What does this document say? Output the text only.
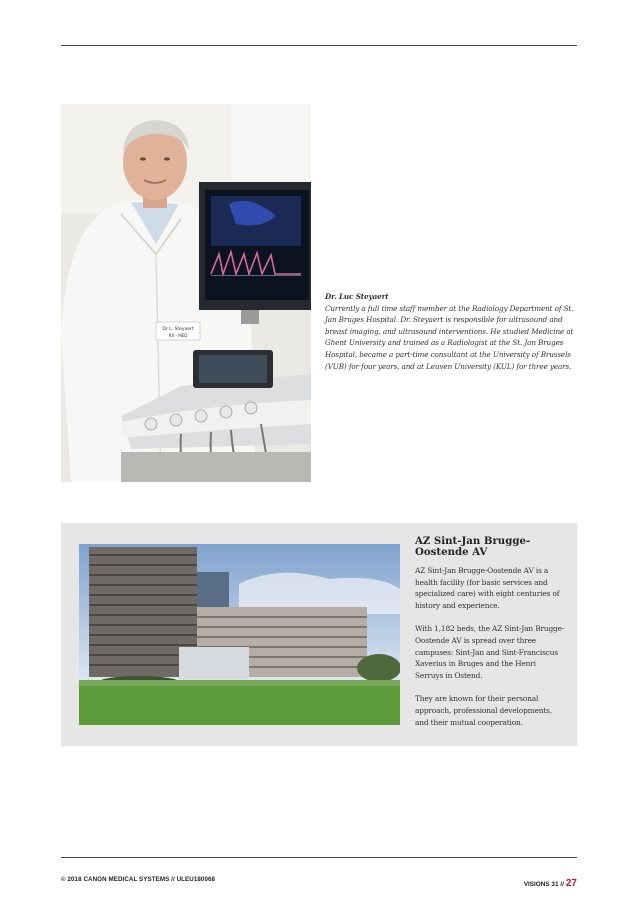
Dr L. Steyaert
RX - MED
Dr. Luc Steyaert
Currently a full time staff member at the Radiology Department of St. Jan Bruges Hospital. Dr. Steyaert is responsible for ultrasound and breast imaging, and ultrasound interventions. He studied Medicine at Ghent University and trained as a Radiologist at the St. Jan Bruges Hospital, became a part-time consultant at the University of Brussels (VUB) for four years, and at Leuven University (KUL) for three years.
AZ Sint-Jan Brugge-Oostende AV

AZ Sint-Jan Brugge-Oostende AV is a health facility (for basic services and specialized care) with eight centuries of history and experience.

With 1,182 beds, the AZ Sint-Jan Brugge-Oostende AV is spread over three campuses: Sint-Jan and Sint-Franciscus Xaverius in Bruges and the Henri Serruys in Ostend.

They are known for their personal approach, professional developments, and their mutual cooperation.

© 2018 CANON MEDICAL SYSTEMS // ULEU180068
VISIONS 31 // 27
